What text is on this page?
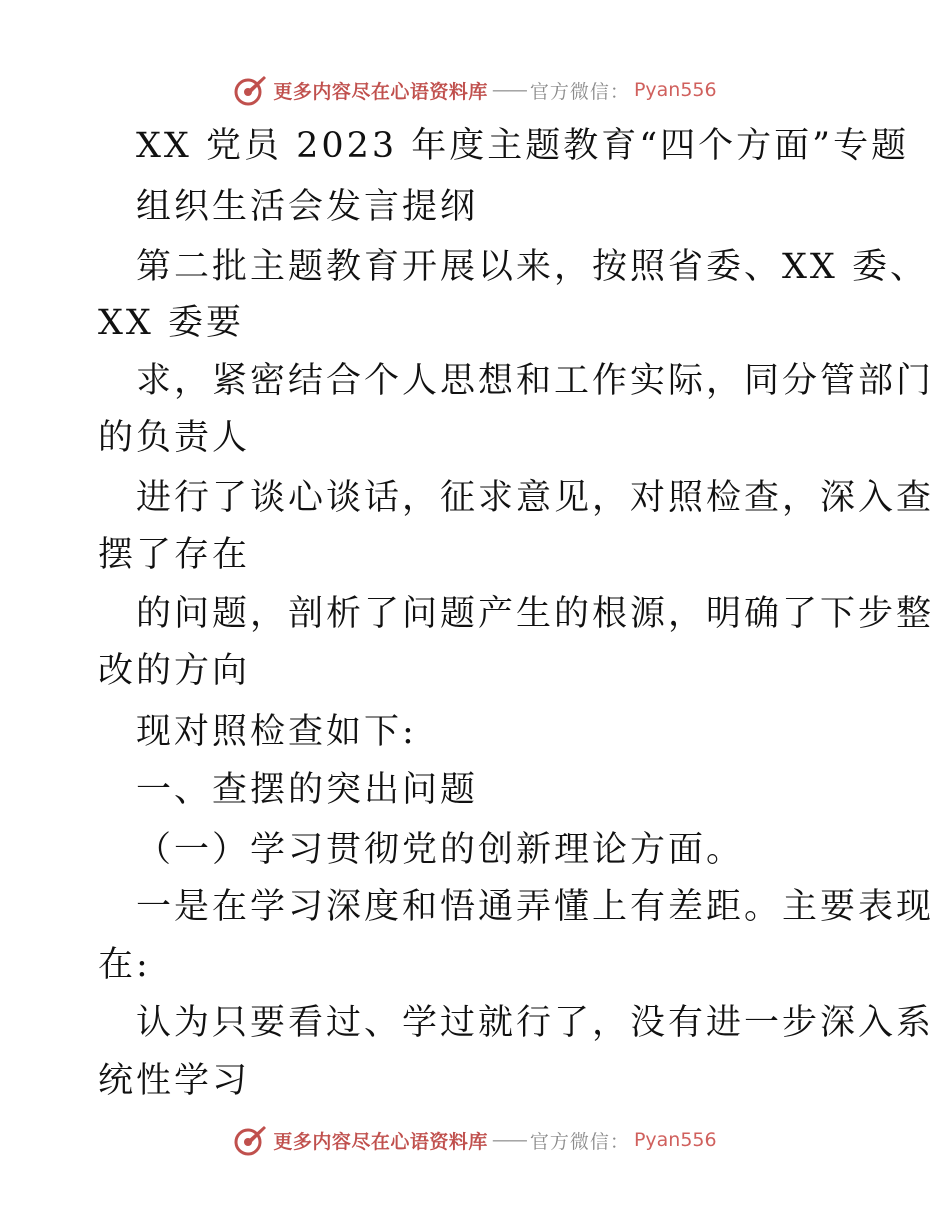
更多内容尽在心语资料库 —— 官方微信： Pyan556
XX 党员 2023 年度主题教育“四个方面”专题
组织生活会发言提纲
第二批主题教育开展以来，按照省委、XX 委、
XX 委要
求，紧密结合个人思想和工作实际，同分管部门
的负责人
进行了谈心谈话，征求意见，对照检查，深入查
摆了存在
的问题，剖析了问题产生的根源，明确了下步整
改的方向
现对照检查如下:
一、查摆的突出问题
（一）学习贯彻党的创新理论方面。
一是在学习深度和悟通弄懂上有差距。主要表现
在:
认为只要看过、学过就行了，没有进一步深入系
统性学习
更多内容尽在心语资料库 —— 官方微信： Pyan556
